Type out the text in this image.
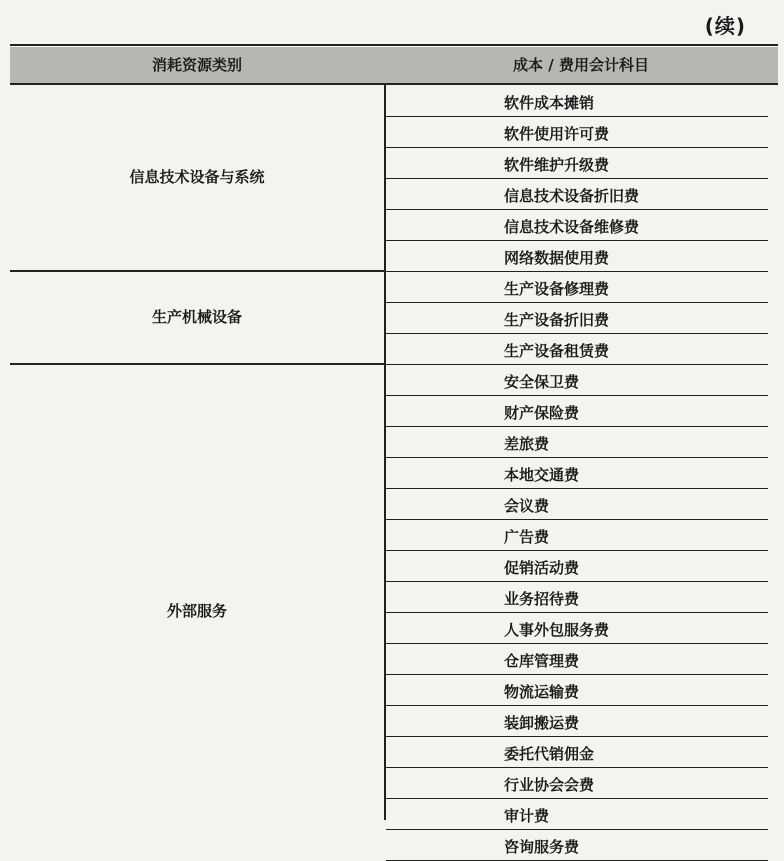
(续)
消耗资源类别	成本 / 费用会计科目
软件成本摊销
软件使用许可费
软件维护升级费
信息技术设备折旧费
信息技术设备维修费
网络数据使用费
信息技术设备与系统
生产设备修理费
生产设备折旧费
生产设备租赁费
生产机械设备
安全保卫费
财产保险费
差旅费
本地交通费
会议费
广告费
促销活动费
业务招待费
人事外包服务费
仓库管理费
物流运输费
装卸搬运费
委托代销佣金
行业协会会费
审计费
咨询服务费
外部服务
